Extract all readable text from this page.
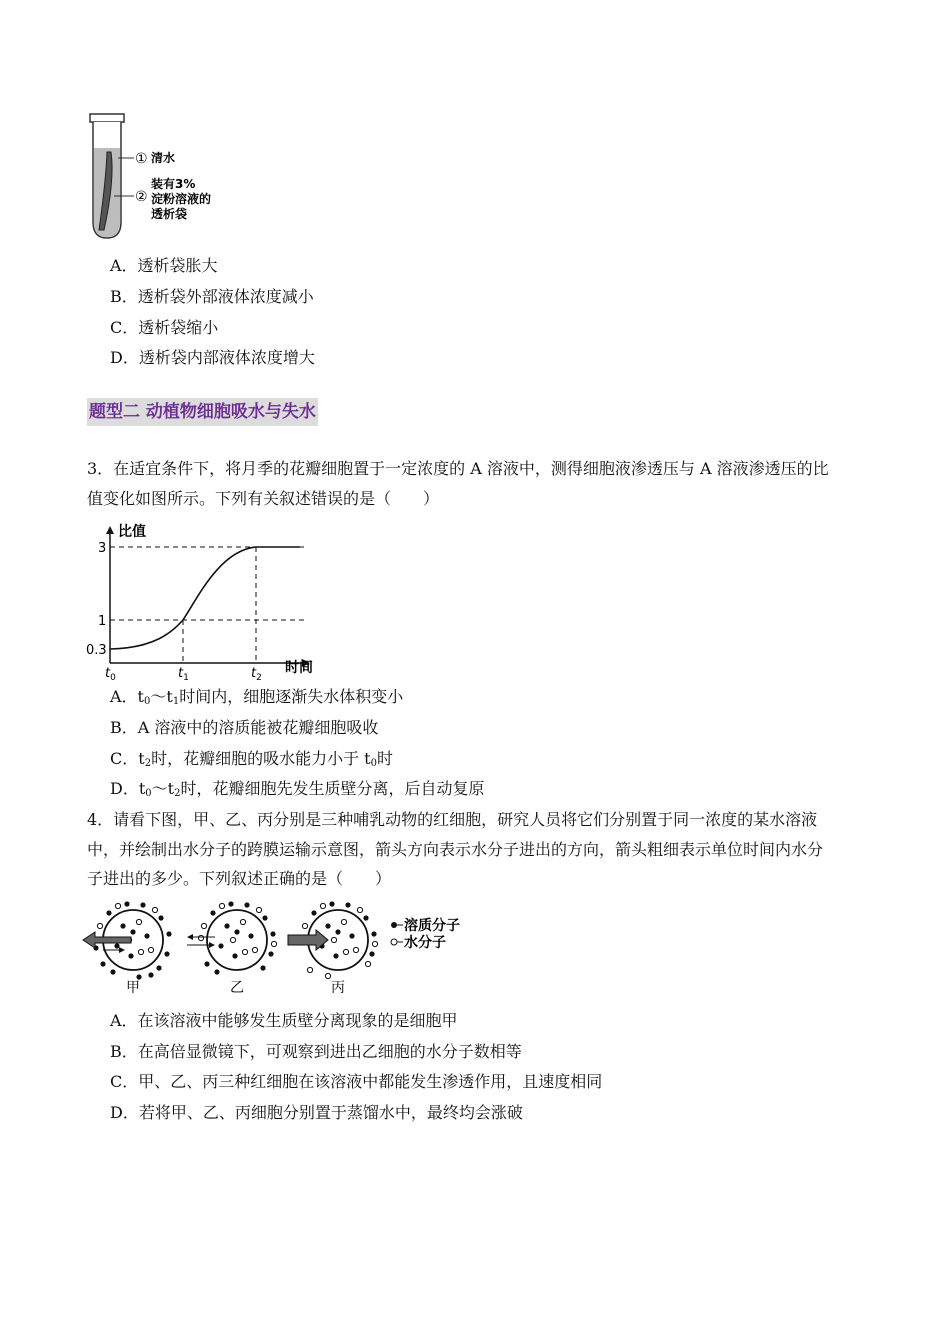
① 清水
②
装有3%
淀粉溶液的
透析袋
A．透析袋胀大
B．透析袋外部液体浓度减小
C．透析袋缩小
D．透析袋内部液体浓度增大
题型二 动植物细胞吸水与失水
3．在适宜条件下，将月季的花瓣细胞置于一定浓度的 A 溶液中，测得细胞液渗透压与 A 溶液渗透压的比
值变化如图所示。下列有关叙述错误的是（　　）
比值
时间
3
1
0.3
$t_0$	$t_1$	$t_2$
A．$t_0\sim t_1$时间内，细胞逐渐失水体积变小
B．A 溶液中的溶质能被花瓣细胞吸收
C．$t_2$时，花瓣细胞的吸水能力小于 $t_0$时
D．$t_0\sim t_2$时，花瓣细胞先发生质壁分离，后自动复原
4．请看下图，甲、乙、丙分别是三种哺乳动物的红细胞，研究人员将它们分别置于同一浓度的某水溶液
中，并绘制出水分子的跨膜运输示意图，箭头方向表示水分子进出的方向，箭头粗细表示单位时间内水分
子进出的多少。下列叙述正确的是（　　）
甲	乙	丙
溶质分子
水分子
A．在该溶液中能够发生质壁分离现象的是细胞甲
B．在高倍显微镜下，可观察到进出乙细胞的水分子数相等
C．甲、乙、丙三种红细胞在该溶液中都能发生渗透作用，且速度相同
D．若将甲、乙、丙细胞分别置于蒸馏水中，最终均会涨破
